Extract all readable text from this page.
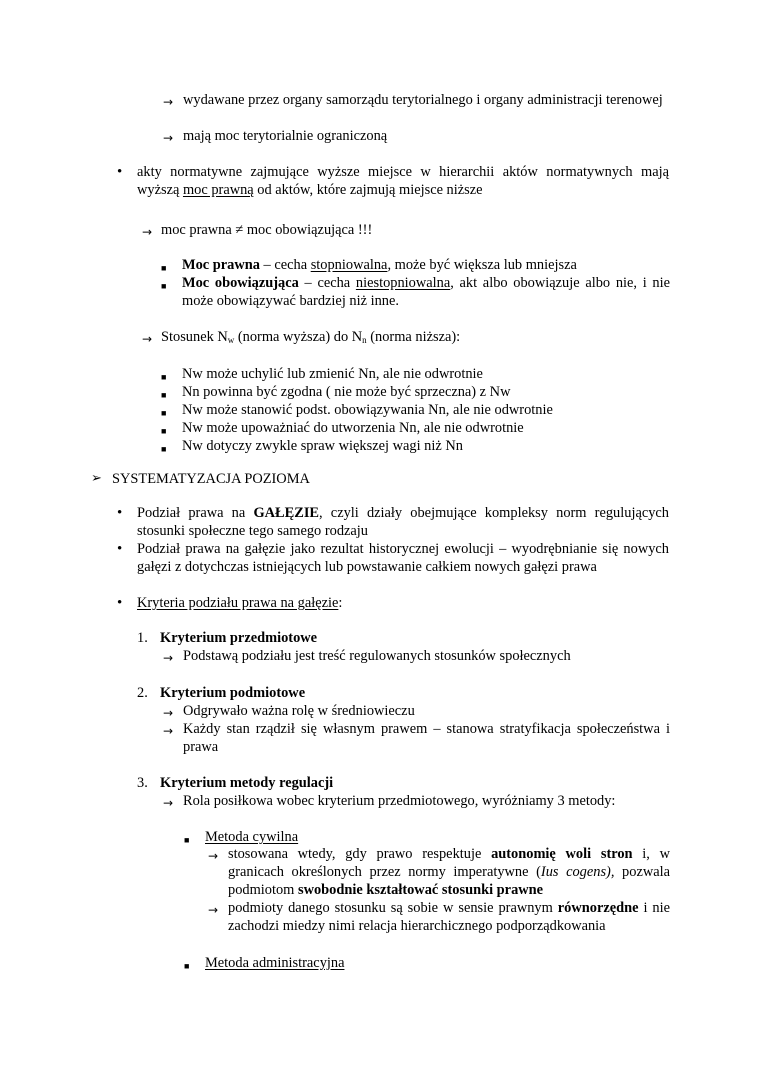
→ wydawane przez organy samorządu terytorialnego i organy administracji terenowej
→ mają moc terytorialnie ograniczoną
• akty normatywne zajmujące wyższe miejsce w hierarchii aktów normatywnych mają wyższą moc prawną od aktów, które zajmują miejsce niższe
→ moc prawna ≠ moc obowiązująca !!!
■ Moc prawna – cecha stopniowalna, może być większa lub mniejsza
■ Moc obowiązująca – cecha niestopniowalna, akt albo obowiązuje albo nie, i nie może obowiązywać bardziej niż inne.
→ Stosunek $N_w$ (norma wyższa) do $N_n$ (norma niższa):
■ Nw może uchylić lub zmienić Nn, ale nie odwrotnie
■ Nn powinna być zgodna ( nie może być sprzeczna) z Nw
■ Nw może stanowić podst. obowiązywania Nn, ale nie odwrotnie
■ Nw może upoważniać do utworzenia Nn, ale nie odwrotnie
■ Nw dotyczy zwykle spraw większej wagi niż Nn
➢ SYSTEMATYZACJA POZIOMA
• Podział prawa na GAŁĘZIE, czyli działy obejmujące kompleksy norm regulujących stosunki społeczne tego samego rodzaju
• Podział prawa na gałęzie jako rezultat historycznej ewolucji – wyodrębnianie się nowych gałęzi z dotychczas istniejących lub powstawanie całkiem nowych gałęzi prawa
• Kryteria podziału prawa na gałęzie:
1. Kryterium przedmiotowe
→ Podstawą podziału jest treść regulowanych stosunków społecznych
2. Kryterium podmiotowe
→ Odgrywało ważna rolę w średniowieczu
→ Każdy stan rządził się własnym prawem – stanowa stratyfikacja społeczeństwa i prawa
3. Kryterium metody regulacji
→ Rola posiłkowa wobec kryterium przedmiotowego, wyróżniamy 3 metody:
■ Metoda cywilna
→ stosowana wtedy, gdy prawo respektuje autonomię woli stron i, w granicach określonych przez normy imperatywne (Ius cogens), pozwala podmiotom swobodnie kształtować stosunki prawne
→ podmioty danego stosunku są sobie w sensie prawnym równorzędne i nie zachodzi miedzy nimi relacja hierarchicznego podporządkowania
■ Metoda administracyjna
